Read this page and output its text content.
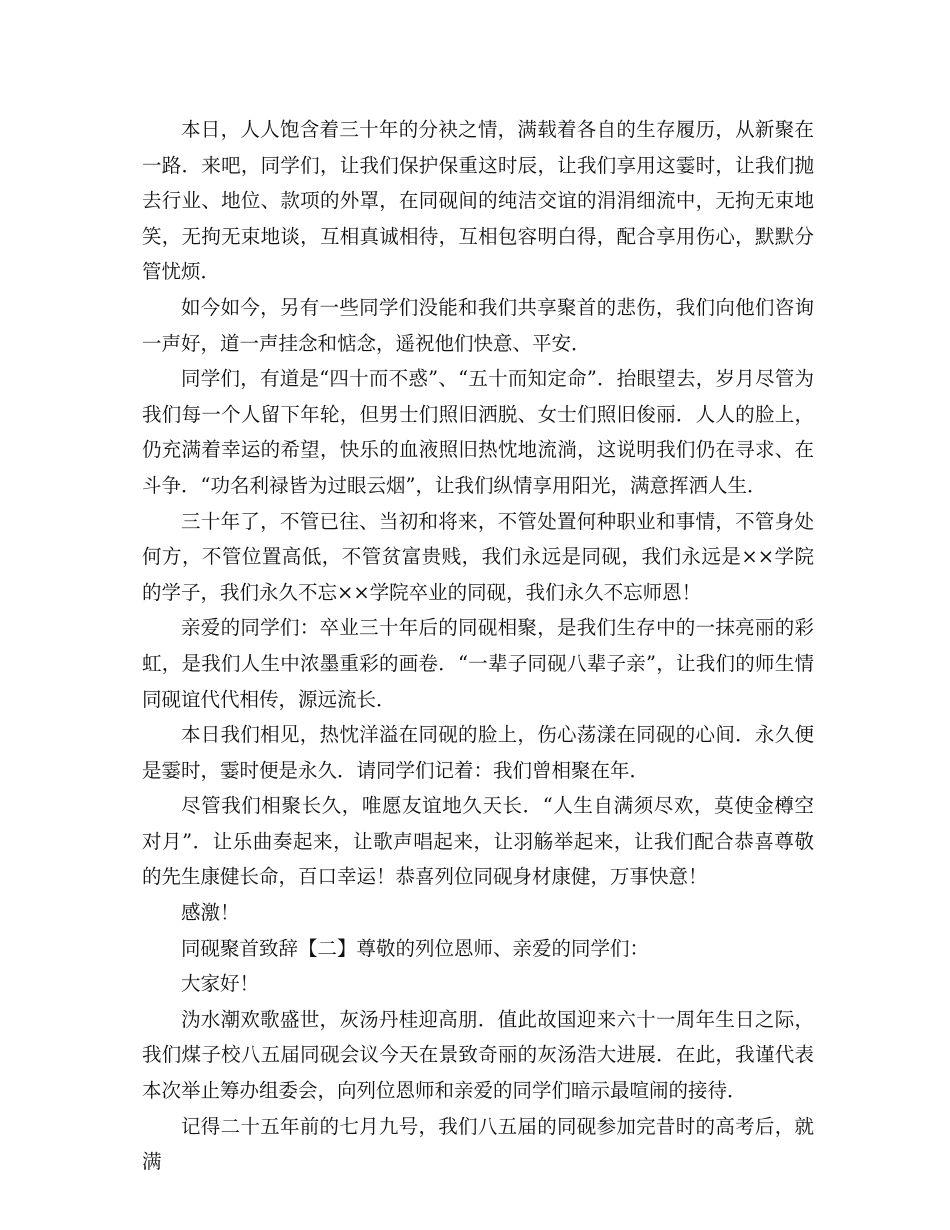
本日，人人饱含着三十年的分袂之情，满载着各自的生存履历，从新聚在一路．来吧，同学们，让我们保护保重这时辰，让我们享用这霎时，让我们抛去行业、地位、款项的外罩，在同砚间的纯洁交谊的涓涓细流中，无拘无束地笑，无拘无束地谈，互相真诚相待，互相包容明白得，配合享用伤心，默默分管忧烦．

如今如今，另有一些同学们没能和我们共享聚首的悲伤，我们向他们咨询一声好，道一声挂念和惦念，遥祝他们快意、平安．

同学们，有道是“四十而不惑”、“五十而知定命”．抬眼望去，岁月尽管为我们每一个人留下年轮，但男士们照旧洒脱、女士们照旧俊丽．人人的脸上，仍充满着幸运的希望，快乐的血液照旧热忱地流淌，这说明我们仍在寻求、在斗争．“功名利禄皆为过眼云烟”，让我们纵情享用阳光，满意挥洒人生．

三十年了，不管已往、当初和将来，不管处置何种职业和事情，不管身处何方，不管位置高低，不管贫富贵贱，我们永远是同砚，我们永远是××学院的学子，我们永久不忘××学院卒业的同砚，我们永久不忘师恩！

亲爱的同学们：卒业三十年后的同砚相聚，是我们生存中的一抹亮丽的彩虹，是我们人生中浓墨重彩的画卷．“一辈子同砚八辈子亲”，让我们的师生情同砚谊代代相传，源远流长．

本日我们相见，热忱洋溢在同砚的脸上，伤心荡漾在同砚的心间．永久便是霎时，霎时便是永久．请同学们记着：我们曾相聚在年．

尽管我们相聚长久，唯愿友谊地久天长．“人生自满须尽欢，莫使金樽空对月”．让乐曲奏起来，让歌声唱起来，让羽觞举起来，让我们配合恭喜尊敬的先生康健长命，百口幸运！恭喜列位同砚身材康健，万事快意！

感激！

同砚聚首致辞【二】尊敬的列位恩师、亲爱的同学们：

大家好！

沩水潮欢歌盛世，灰汤丹桂迎高朋．值此故国迎来六十一周年生日之际，我们煤子校八五届同砚会议今天在景致奇丽的灰汤浩大进展．在此，我谨代表本次举止筹办组委会，向列位恩师和亲爱的同学们暗示最喧闹的接待．

记得二十五年前的七月九号，我们八五届的同砚参加完昔时的高考后，就满
